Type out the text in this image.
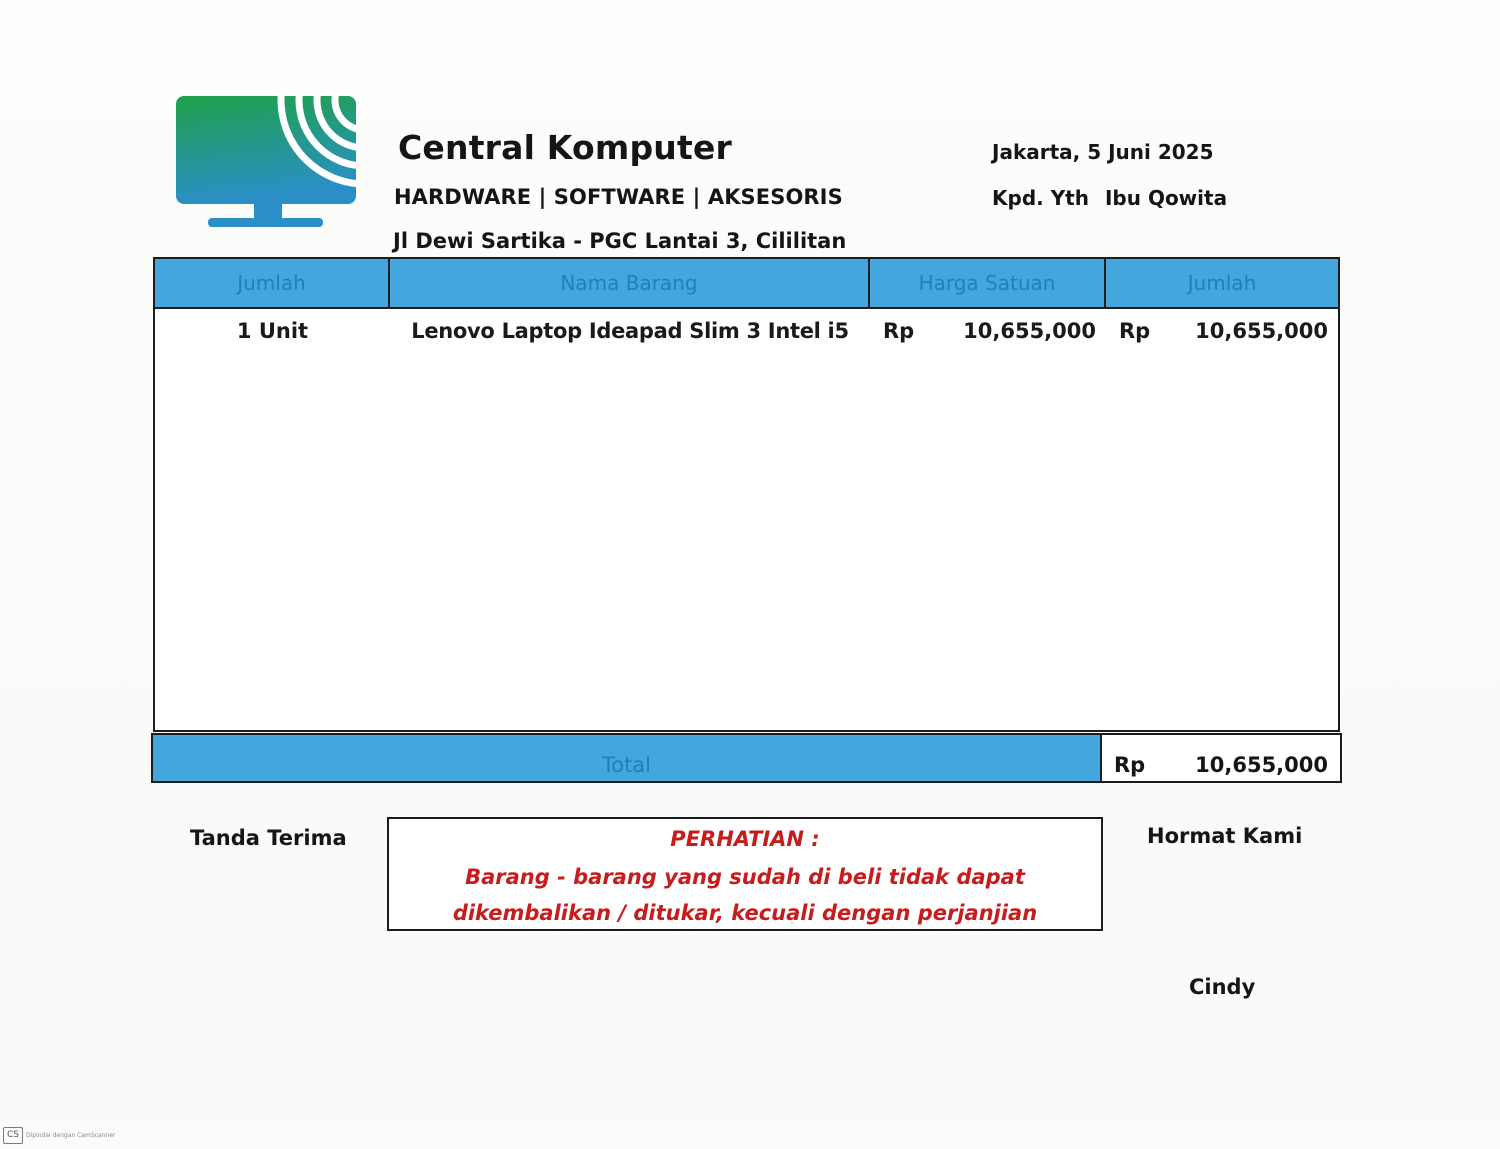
Central Komputer
HARDWARE | SOFTWARE | AKSESORIS
Jl Dewi Sartika - PGC Lantai 3, Cililitan
Jakarta, 5 Juni 2025
Kpd. Yth Ibu Qowita
Jumlah	Nama Barang	Harga Satuan	Jumlah
1 Unit	Lenovo Laptop Ideapad Slim 3 Intel i5	Rp 10,655,000 Rp 10,655,000
Total	Rp 10,655,000
Tanda Terima	PERHATIAN :
Barang - barang yang sudah di beli tidak dapat
dikembalikan / ditukar, kecuali dengan perjanjian
Hormat Kami
Cindy
CS	Dipindai dengan CamScanner
